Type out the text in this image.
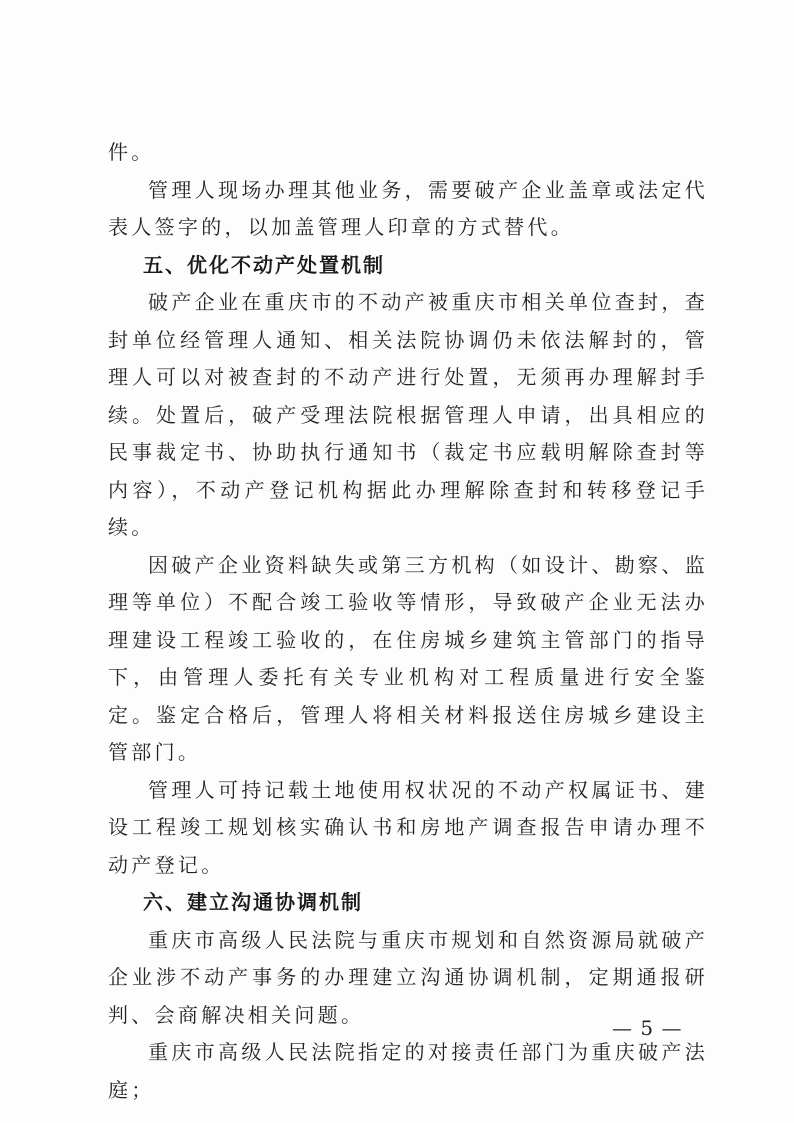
件。

管理人现场办理其他业务，需要破产企业盖章或法定代表人签字的，以加盖管理人印章的方式替代。

五、优化不动产处置机制

破产企业在重庆市的不动产被重庆市相关单位查封，查封单位经管理人通知、相关法院协调仍未依法解封的，管理人可以对被查封的不动产进行处置，无须再办理解封手续。处置后，破产受理法院根据管理人申请，出具相应的民事裁定书、协助执行通知书（裁定书应载明解除查封等内容），不动产登记机构据此办理解除查封和转移登记手续。

因破产企业资料缺失或第三方机构（如设计、勘察、监理等单位）不配合竣工验收等情形，导致破产企业无法办理建设工程竣工验收的，在住房城乡建筑主管部门的指导下，由管理人委托有关专业机构对工程质量进行安全鉴定。鉴定合格后，管理人将相关材料报送住房城乡建设主管部门。

管理人可持记载土地使用权状况的不动产权属证书、建设工程竣工规划核实确认书和房地产调查报告申请办理不动产登记。

六、建立沟通协调机制

重庆市高级人民法院与重庆市规划和自然资源局就破产企业涉不动产事务的办理建立沟通协调机制，定期通报研判、会商解决相关问题。

重庆市高级人民法院指定的对接责任部门为重庆破产法庭；

— 5 —
